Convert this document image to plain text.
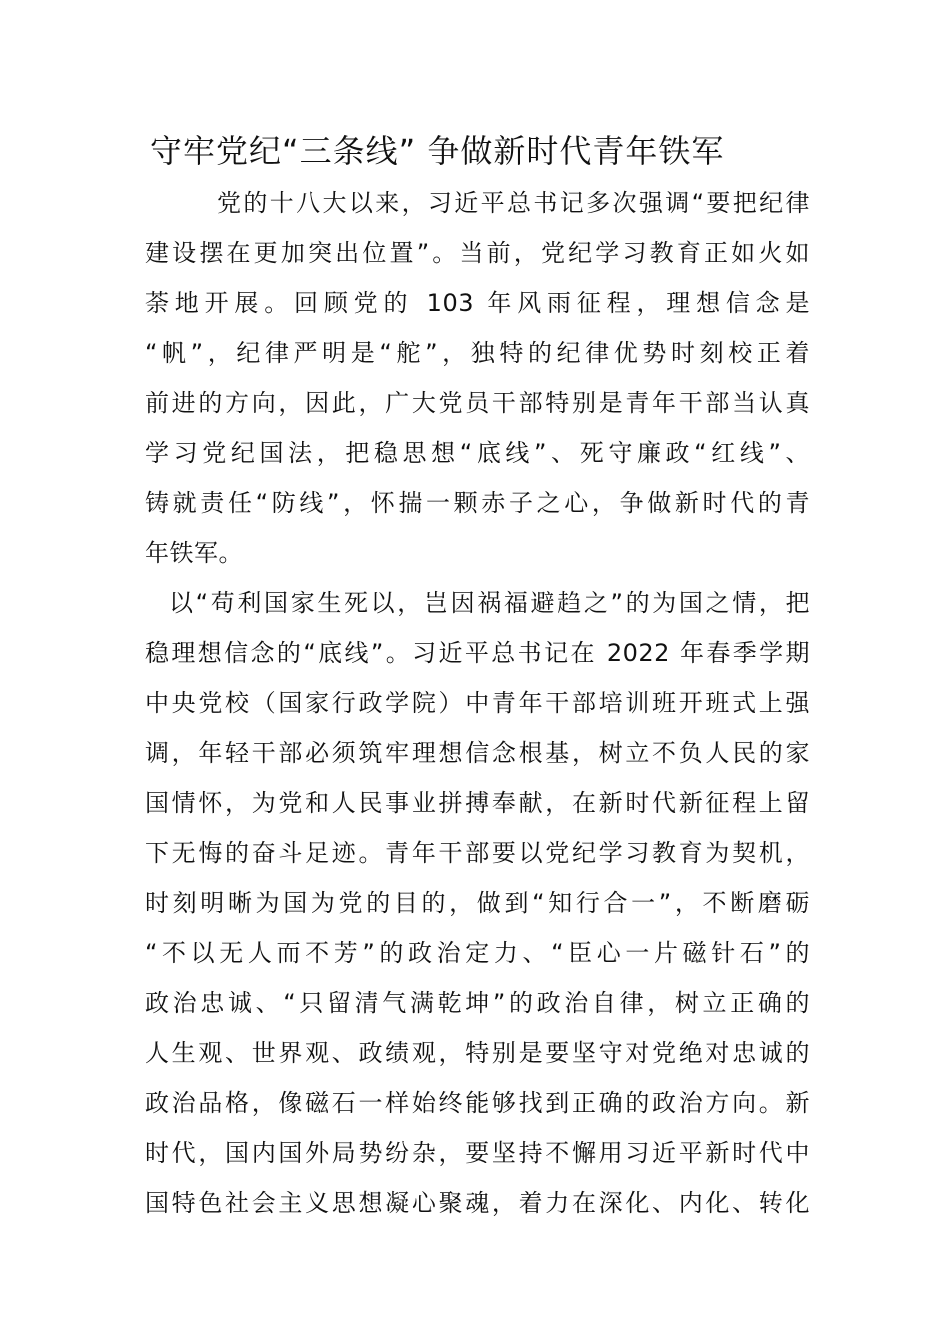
守牢党纪“三条线” 争做新时代青年铁军
党的十八大以来，习近平总书记多次强调“要把纪律
建设摆在更加突出位置”。当前，党纪学习教育正如火如
荼地开展。回顾党的 103 年风雨征程，理想信念是
“帆”，纪律严明是“舵”，独特的纪律优势时刻校正着
前进的方向，因此，广大党员干部特别是青年干部当认真
学习党纪国法，把稳思想“底线”、死守廉政“红线”、
铸就责任“防线”，怀揣一颗赤子之心，争做新时代的青
年铁军。
以“苟利国家生死以，岂因祸福避趋之”的为国之情，把
稳理想信念的“底线”。习近平总书记在 2022 年春季学期
中央党校（国家行政学院）中青年干部培训班开班式上强
调，年轻干部必须筑牢理想信念根基，树立不负人民的家
国情怀，为党和人民事业拼搏奉献，在新时代新征程上留
下无悔的奋斗足迹。青年干部要以党纪学习教育为契机，
时刻明晰为国为党的目的，做到“知行合一”，不断磨砺
“不以无人而不芳”的政治定力、“臣心一片磁针石”的
政治忠诚、“只留清气满乾坤”的政治自律，树立正确的
人生观、世界观、政绩观，特别是要坚守对党绝对忠诚的
政治品格，像磁石一样始终能够找到正确的政治方向。新
时代，国内国外局势纷杂，要坚持不懈用习近平新时代中
国特色社会主义思想凝心聚魂，着力在深化、内化、转化
